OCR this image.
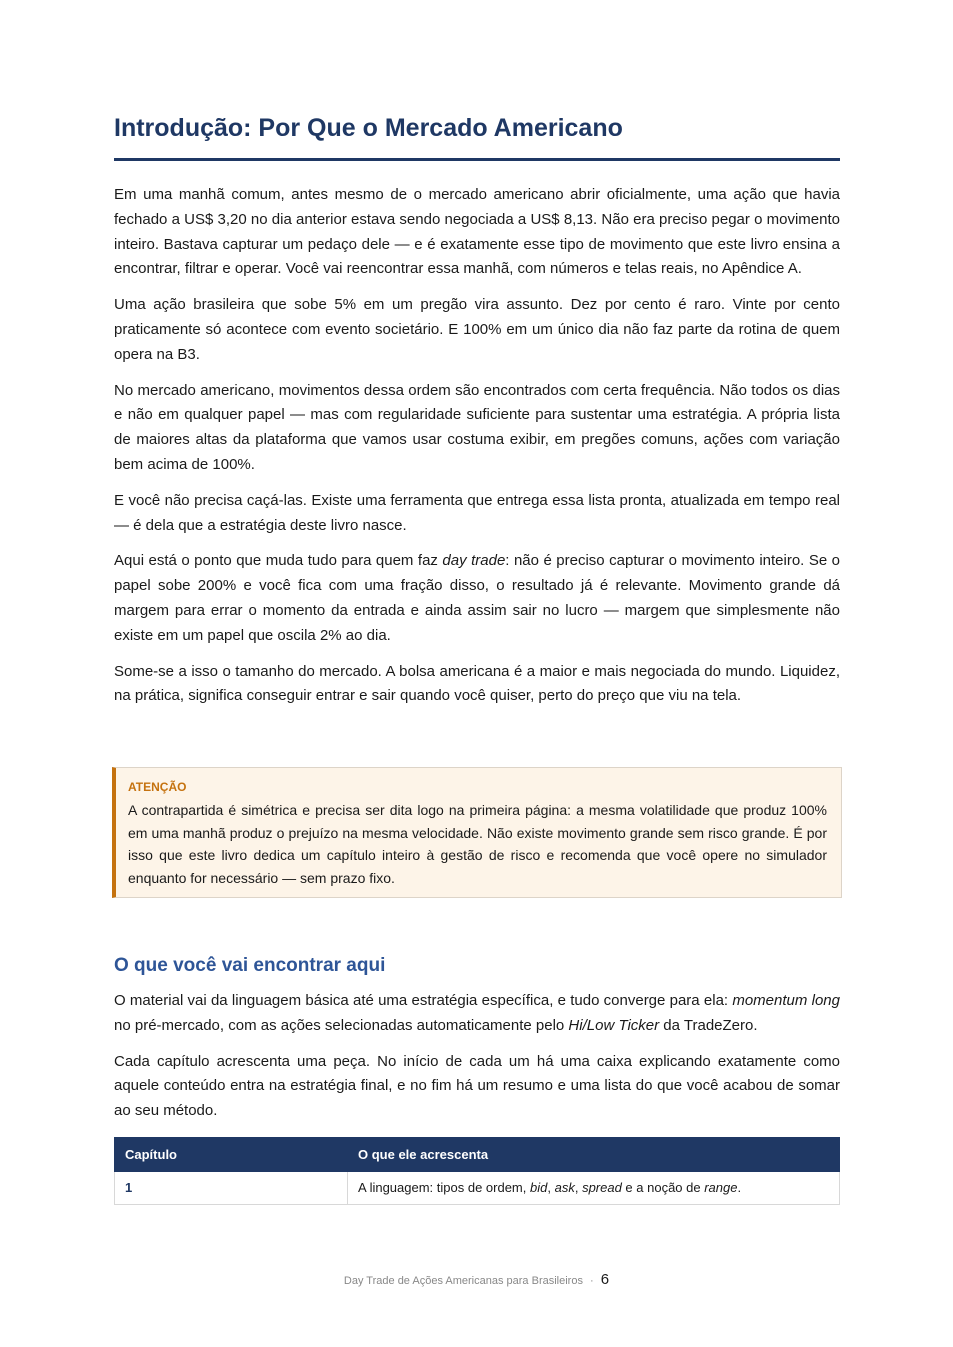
Introdução: Por Que o Mercado Americano

Em uma manhã comum, antes mesmo de o mercado americano abrir oficialmente, uma ação que havia fechado a US$ 3,20 no dia anterior estava sendo negociada a US$ 8,13. Não era preciso pegar o movimento inteiro. Bastava capturar um pedaço dele — e é exatamente esse tipo de movimento que este livro ensina a encontrar, filtrar e operar. Você vai reencontrar essa manhã, com números e telas reais, no Apêndice A.

Uma ação brasileira que sobe 5% em um pregão vira assunto. Dez por cento é raro. Vinte por cento praticamente só acontece com evento societário. E 100% em um único dia não faz parte da rotina de quem opera na B3.

No mercado americano, movimentos dessa ordem são encontrados com certa frequência. Não todos os dias e não em qualquer papel — mas com regularidade suficiente para sustentar uma estratégia. A própria lista de maiores altas da plataforma que vamos usar costuma exibir, em pregões comuns, ações com variação bem acima de 100%.

E você não precisa caçá-las. Existe uma ferramenta que entrega essa lista pronta, atualizada em tempo real — é dela que a estratégia deste livro nasce.

Aqui está o ponto que muda tudo para quem faz day trade: não é preciso capturar o movimento inteiro. Se o papel sobe 200% e você fica com uma fração disso, o resultado já é relevante. Movimento grande dá margem para errar o momento da entrada e ainda assim sair no lucro — margem que simplesmente não existe em um papel que oscila 2% ao dia.

Some-se a isso o tamanho do mercado. A bolsa americana é a maior e mais negociada do mundo. Liquidez, na prática, significa conseguir entrar e sair quando você quiser, perto do preço que viu na tela.

ATENÇÃO
A contrapartida é simétrica e precisa ser dita logo na primeira página: a mesma volatilidade que produz 100% em uma manhã produz o prejuízo na mesma velocidade. Não existe movimento grande sem risco grande. É por isso que este livro dedica um capítulo inteiro à gestão de risco e recomenda que você opere no simulador enquanto for necessário — sem prazo fixo.
O que você vai encontrar aqui

O material vai da linguagem básica até uma estratégia específica, e tudo converge para ela: momentum long no pré-mercado, com as ações selecionadas automaticamente pelo Hi/Low Ticker da TradeZero.

Cada capítulo acrescenta uma peça. No início de cada um há uma caixa explicando exatamente como aquele conteúdo entra na estratégia final, e no fim há um resumo e uma lista do que você acabou de somar ao seu método.

Capítulo	O que ele acrescenta
1	A linguagem: tipos de ordem, bid, ask, spread e a noção de range.
Day Trade de Ações Americanas para Brasileiros · 6
